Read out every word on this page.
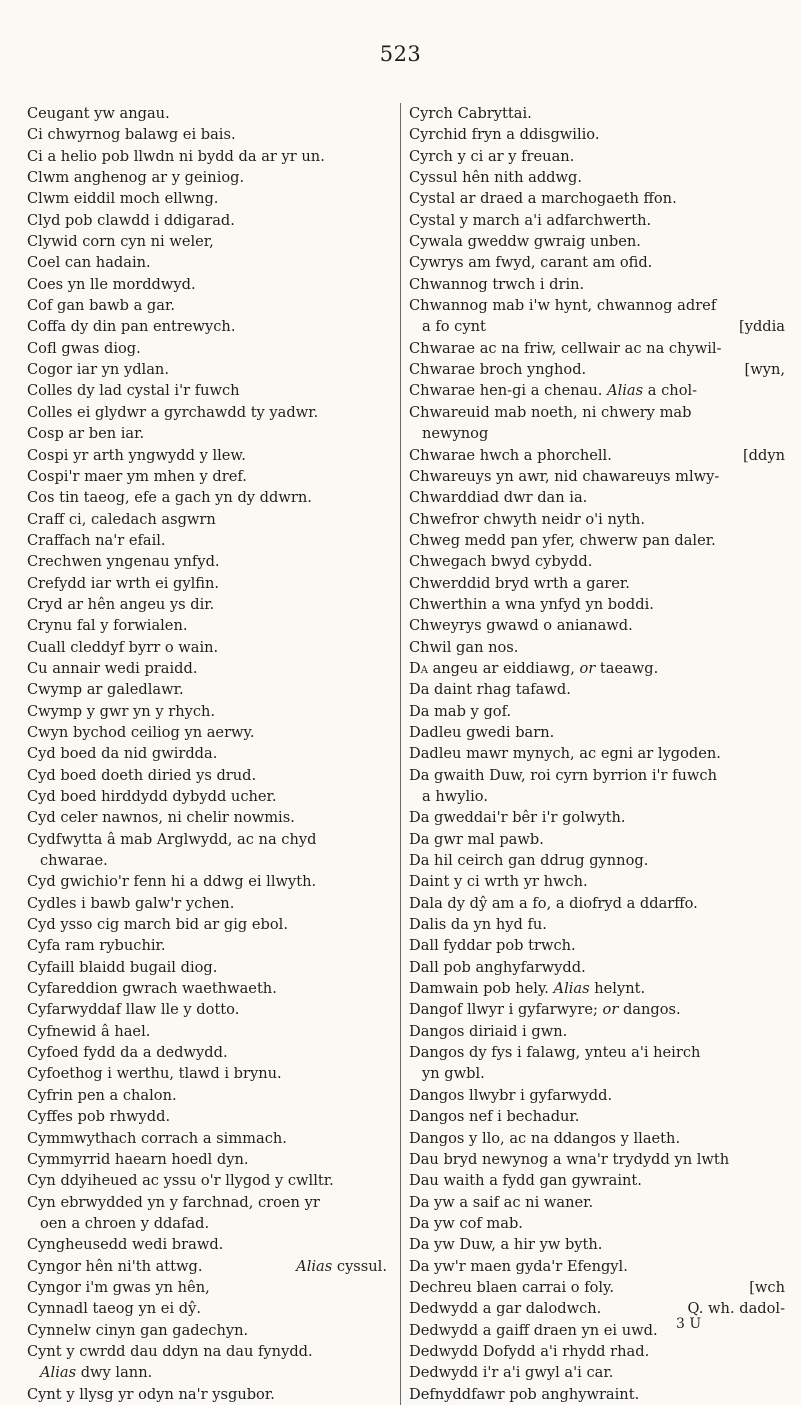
523
Ceugant yw angau.
Ci chwyrnog balawg ei bais.
Ci a helio pob llwdn ni bydd da ar yr un.
Clwm anghenog ar y geiniog.
Clwm eiddil moch ellwng.
Clyd pob clawdd i ddigarad.
Clywid corn cyn ni weler,
Coel can hadain.
Coes yn lle morddwyd.
Cof gan bawb a gar.
Coffa dy din pan entrewych.
Cofl gwas diog.
Cogor iar yn ydlan.
Colles dy lad cystal i'r fuwch
Colles ei glydwr a gyrchawdd ty yadwr.
Cosp ar ben iar.
Cospi yr arth yngwydd y llew.
Cospi'r maer ym mhen y dref.
Cos tin taeog, efe a gach yn dy ddwrn.
Craff ci, caledach asgwrn
Craffach na'r efail.
Crechwen yngenau ynfyd.
Crefydd iar wrth ei gylfin.
Cryd ar hên angeu ys dir.
Crynu fal y forwialen.
Cuall cleddyf byrr o wain.
Cu annair wedi praidd.
Cwymp ar galedlawr.
Cwymp y gwr yn y rhych.
Cwyn bychod ceiliog yn aerwy.
Cyd boed da nid gwirdda.
Cyd boed doeth diried ys drud.
Cyd boed hirddydd dybydd ucher.
Cyd celer nawnos, ni chelir nowmis.
Cydfwytta â mab Arglwydd, ac na chyd
chwarae.
Cyd gwichio'r fenn hi a ddwg ei llwyth.
Cydles i bawb galw'r ychen.
Cyd ysso cig march bid ar gig ebol.
Cyfa ram rybuchir.
Cyfaill blaidd bugail diog.
Cyfareddion gwrach waethwaeth.
Cyfarwyddaf llaw lle y dotto.
Cyfnewid â hael.
Cyfoed fydd da a dedwydd.
Cyfoethog i werthu, tlawd i brynu.
Cyfrin pen a chalon.
Cyffes pob rhwydd.
Cymmwythach corrach a simmach.
Cymmyrrid haearn hoedl dyn.
Cyn ddyiheued ac yssu o'r llygod y cwlltr.
Cyn ebrwydded yn y farchnad, croen yr
oen a chroen y ddafad.
Cyngheusedd wedi brawd.
Cyngor hên ni'th attwg.	Alias cyssul.
Cyngor i'm gwas yn hên,
Cynnadl taeog yn ei dŷ.
Cynnelw cinyn gan gadechyn.
Cynt y cwrdd dau ddyn na dau fynydd.
Alias dwy lann.
Cynt y llysg yr odyn na'r ysgubor.
Cyrch Cabryttai.
Cyrchid fryn a ddisgwilio.
Cyrch y ci ar y freuan.
Cyssul hên nith addwg.
Cystal ar draed a marchogaeth ffon.
Cystal y march a'i adfarchwerth.
Cywala gweddw gwraig unben.
Cywrys am fwyd, carant am ofid.
Chwannog trwch i drin.
Chwannog mab i'w hynt, chwannog adref
a fo cynt	[yddia
Chwarae ac na friw, cellwair ac na chywil-
Chwarae broch ynghod.	[wyn,
Chwarae hen-gi a chenau. Alias a chol-
Chwareuid mab noeth, ni chwery mab
newynog
Chwarae hwch a phorchell.	[ddyn
Chwareuys yn awr, nid chawareuys mlwy-
Chwarddiad dwr dan ia.
Chwefror chwyth neidr o'i nyth.
Chweg medd pan yfer, chwerw pan daler.
Chwegach bwyd cybydd.
Chwerddid bryd wrth a garer.
Chwerthin a wna ynfyd yn boddi.
Chweyrys gwawd o anianawd.
Chwil gan nos.
Da angeu ar eiddiawg, or taeawg.
Da daint rhag tafawd.
Da mab y gof.
Dadleu gwedi barn.
Dadleu mawr mynych, ac egni ar lygoden.
Da gwaith Duw, roi cyrn byrrion i'r fuwch
a hwylio.
Da gweddai'r bêr i'r golwyth.
Da gwr mal pawb.
Da hil ceirch gan ddrug gynnog.
Daint y ci wrth yr hwch.
Dala dy dŷ am a fo, a diofryd a ddarffo.
Dalis da yn hyd fu.
Dall fyddar pob trwch.
Dall pob anghyfarwydd.
Damwain pob hely. Alias helynt.
Dangof llwyr i gyfarwyre; or dangos.
Dangos diriaid i gwn.
Dangos dy fys i falawg, ynteu a'i heirch
yn gwbl.
Dangos llwybr i gyfarwydd.
Dangos nef i bechadur.
Dangos y llo, ac na ddangos y llaeth.
Dau bryd newynog a wna'r trydydd yn lwth
Dau waith a fydd gan gywraint.
Da yw a saif ac ni waner.
Da yw cof mab.
Da yw Duw, a hir yw byth.
Da yw'r maen gyda'r Efengyl.
Dechreu blaen carrai o foly.	[wch
Dedwydd a gar dalodwch.	Q. wh. dadol-
Dedwydd a gaiff draen yn ei uwd.
Dedwydd Dofydd a'i rhydd rhad.
Dedwydd i'r a'i gwyl a'i car.
Defnyddfawr pob anghywraint.
3 U
